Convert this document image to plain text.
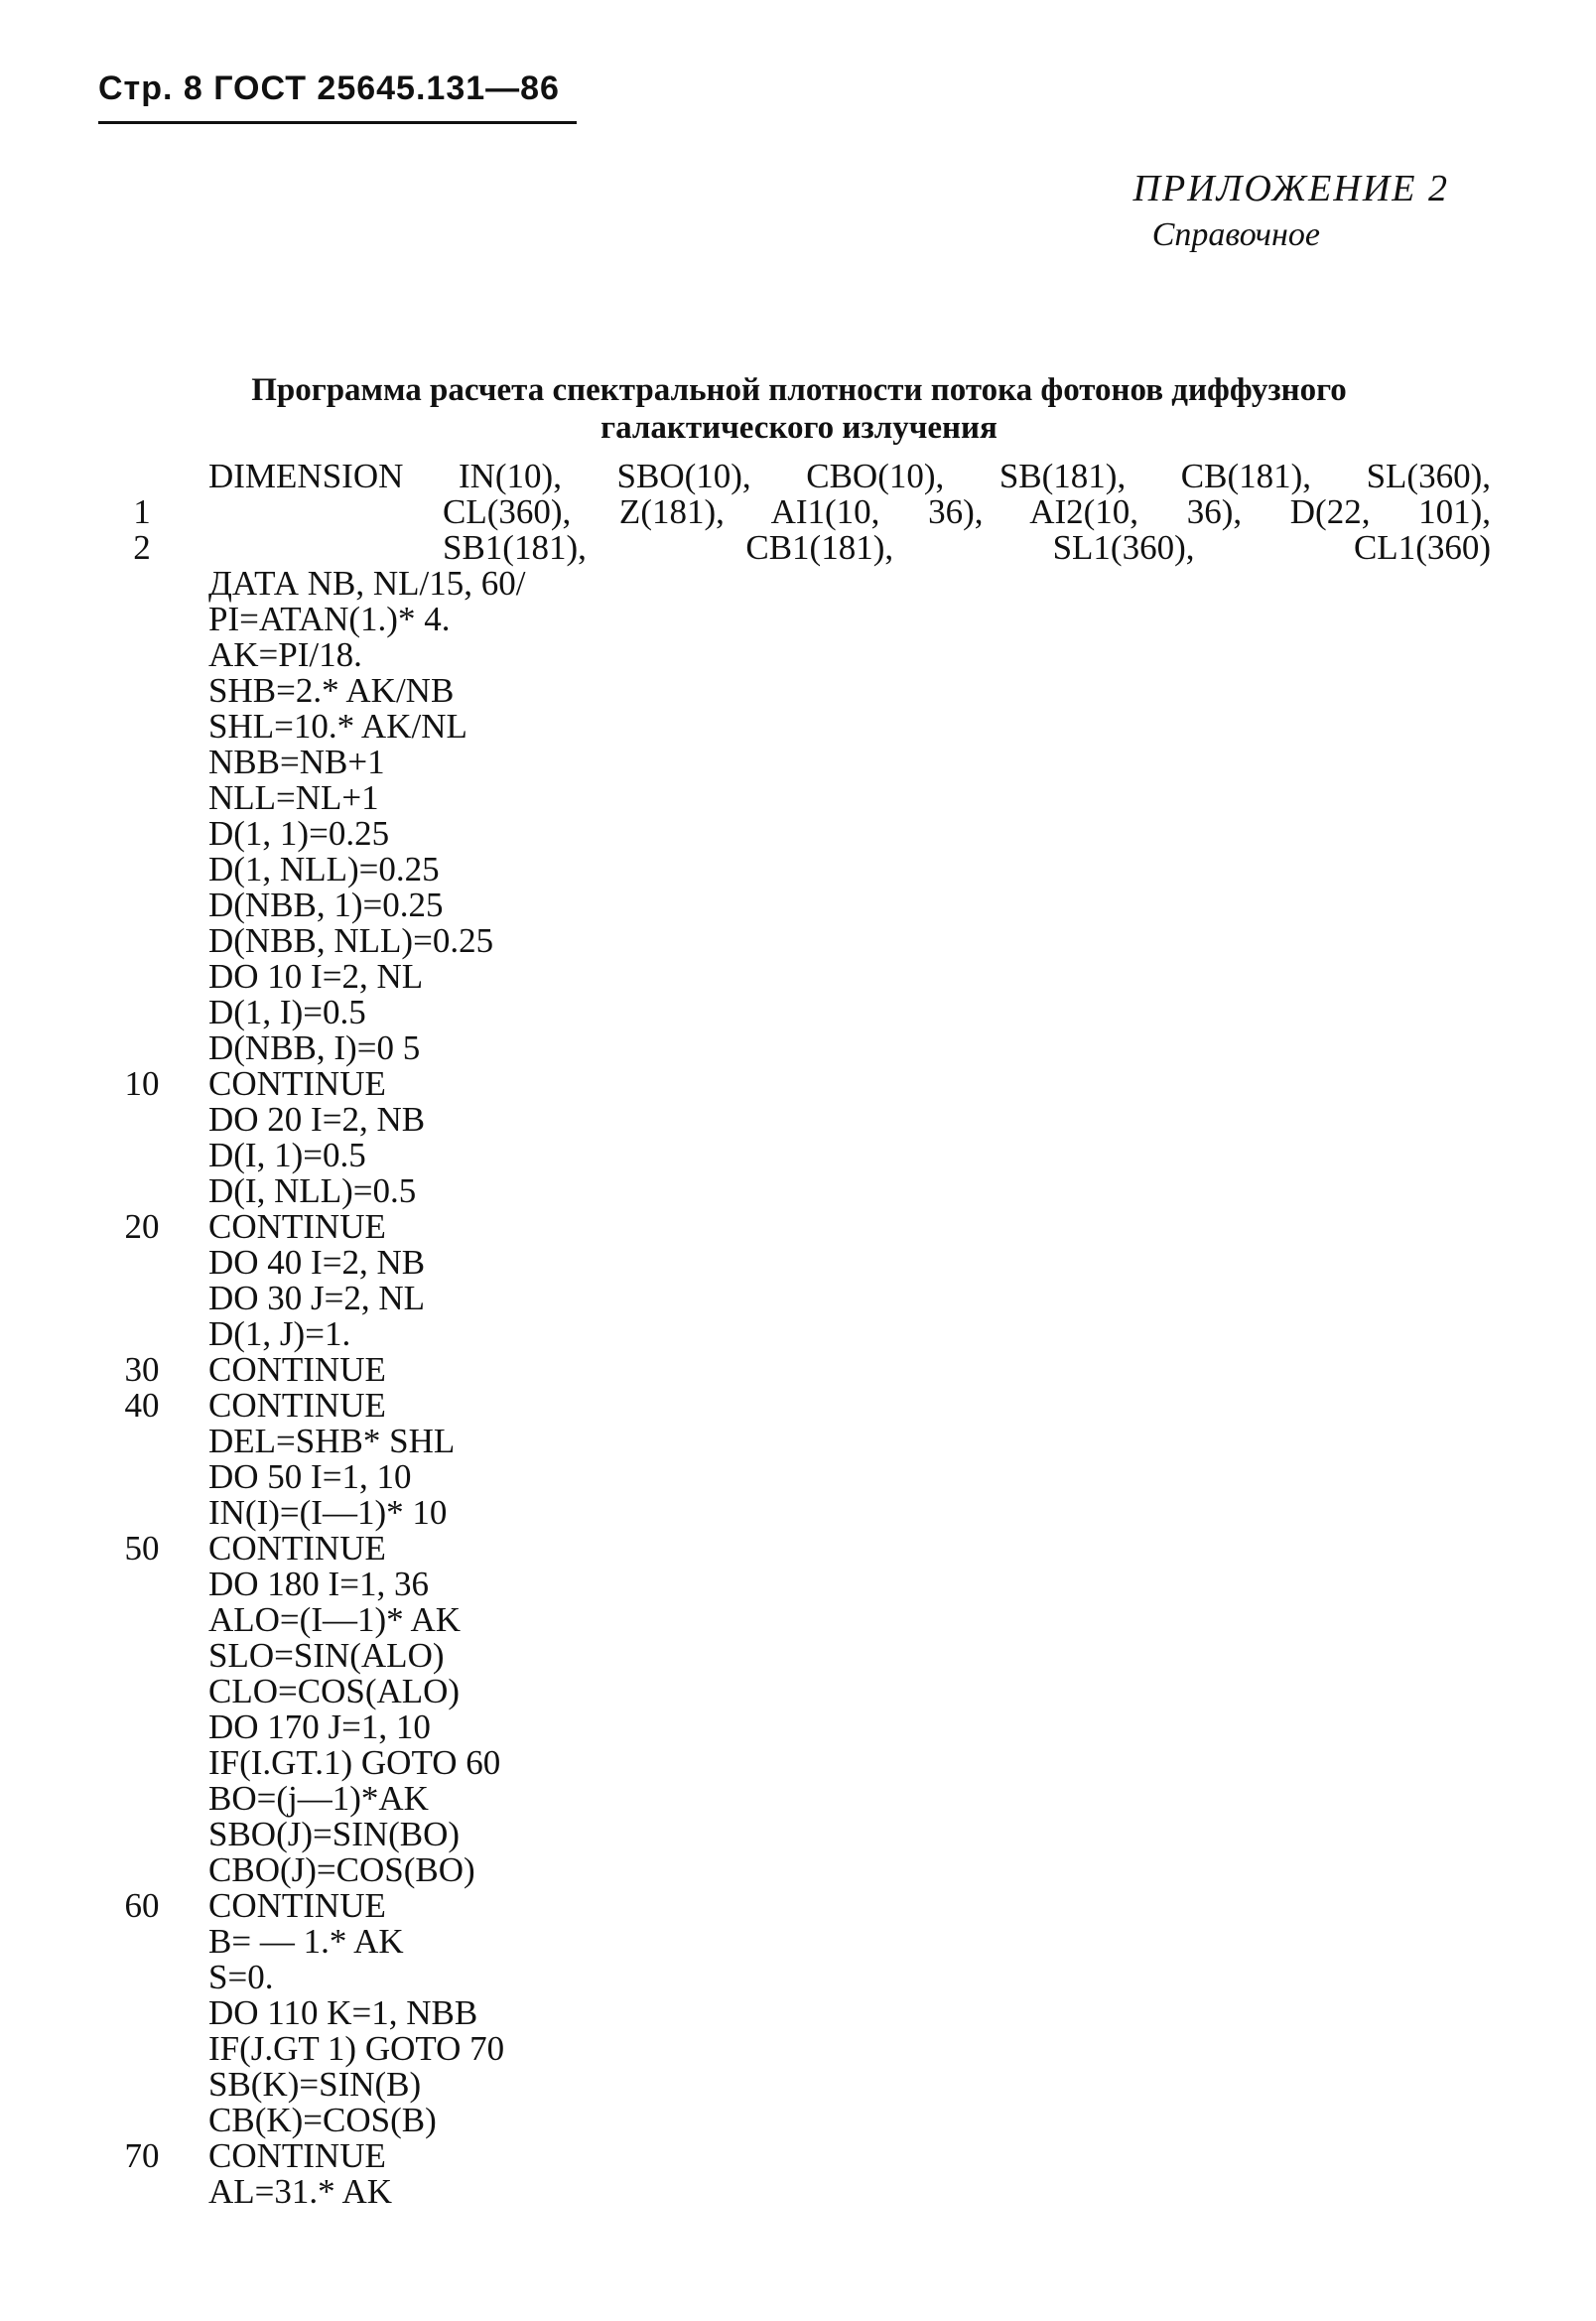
Стр. 8 ГОСТ 25645.131—86
ПРИЛОЖЕНИЕ 2
Справочное
Программа расчета спектральной плотности потока фотонов диффузного
галактического излучения
DIMENSION IN(10), SBO(10), CBO(10), SB(181), CB(181), SL(360),
1	CL(360), Z(181), AI1(10, 36), AI2(10, 36), D(22, 101),
2	SB1(181), CB1(181), SL1(360), CL1(360)
ДАТА NB, NL/15, 60/
PI=ATAN(1.)* 4.
AK=PI/18.
SHB=2.* AK/NB
SHL=10.* AK/NL
NBB=NB+1
NLL=NL+1
D(1, 1)=0.25
D(1, NLL)=0.25
D(NBB, 1)=0.25
D(NBB, NLL)=0.25
DO 10 I=2, NL
D(1, I)=0.5
D(NBB, I)=0 5
10	CONTINUE
DO 20 I=2, NB
D(I, 1)=0.5
D(I, NLL)=0.5
20	CONTINUE
DO 40 I=2, NB
DO 30 J=2, NL
D(1, J)=1.
30	CONTINUE
40	CONTINUE
DEL=SHB* SHL
DO 50 I=1, 10
IN(I)=(I—1)* 10
50	CONTINUE
DO 180 I=1, 36
ALO=(I—1)* AK
SLO=SIN(ALO)
CLO=COS(ALO)
DO 170 J=1, 10
IF(I.GT.1) GOTO 60
BO=(j—1)*AK
SBO(J)=SIN(BO)
CBO(J)=COS(BO)
60	CONTINUE
B= — 1.* AK
S=0.
DO 110 K=1, NBB
IF(J.GT 1) GOTO 70
SB(K)=SIN(B)
CB(K)=COS(B)
70	CONTINUE
AL=31.* AK
